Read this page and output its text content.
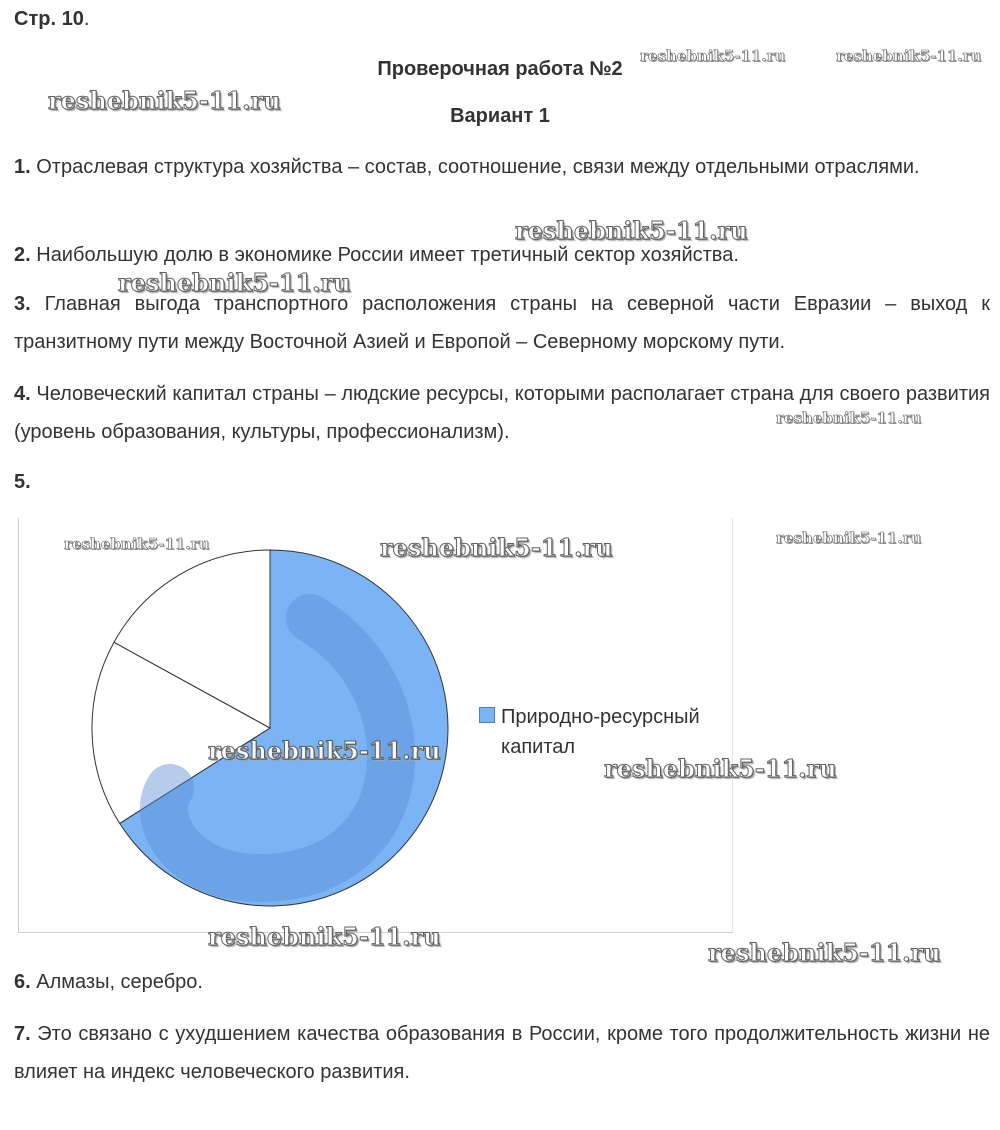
Стр. 10.
Проверочная работа №2
Вариант 1

1. Отраслевая структура хозяйства – состав, соотношение, связи между отдельными отраслями.

2. Наибольшую долю в экономике России имеет третичный сектор хозяйства.

3. Главная выгода транспортного расположения страны на северной части Евразии – выход к транзитному пути между Восточной Азией и Европой – Северному морскому пути.

4. Человеческий капитал страны – людские ресурсы, которыми располагает страна для своего развития (уровень образования, культуры, профессионализм).

5.

Природно-ресурсный капитал

6. Алмазы, серебро.

7. Это связано с ухудшением качества образования в России, кроме того продолжительность жизни не влияет на индекс человеческого развития.

reshebnik5-11.ru	reshebnik5-11.ru
reshebnik5-11.ru
reshebnik5-11.ru
reshebnik5-11.ru
reshebnik5-11.ru
reshebnik5-11.ru	reshebnik5-11.ru	reshebnik5-11.ru
reshebnik5-11.ru
reshebnik5-11.ru
reshebnik5-11.ru
reshebnik5-11.ru
